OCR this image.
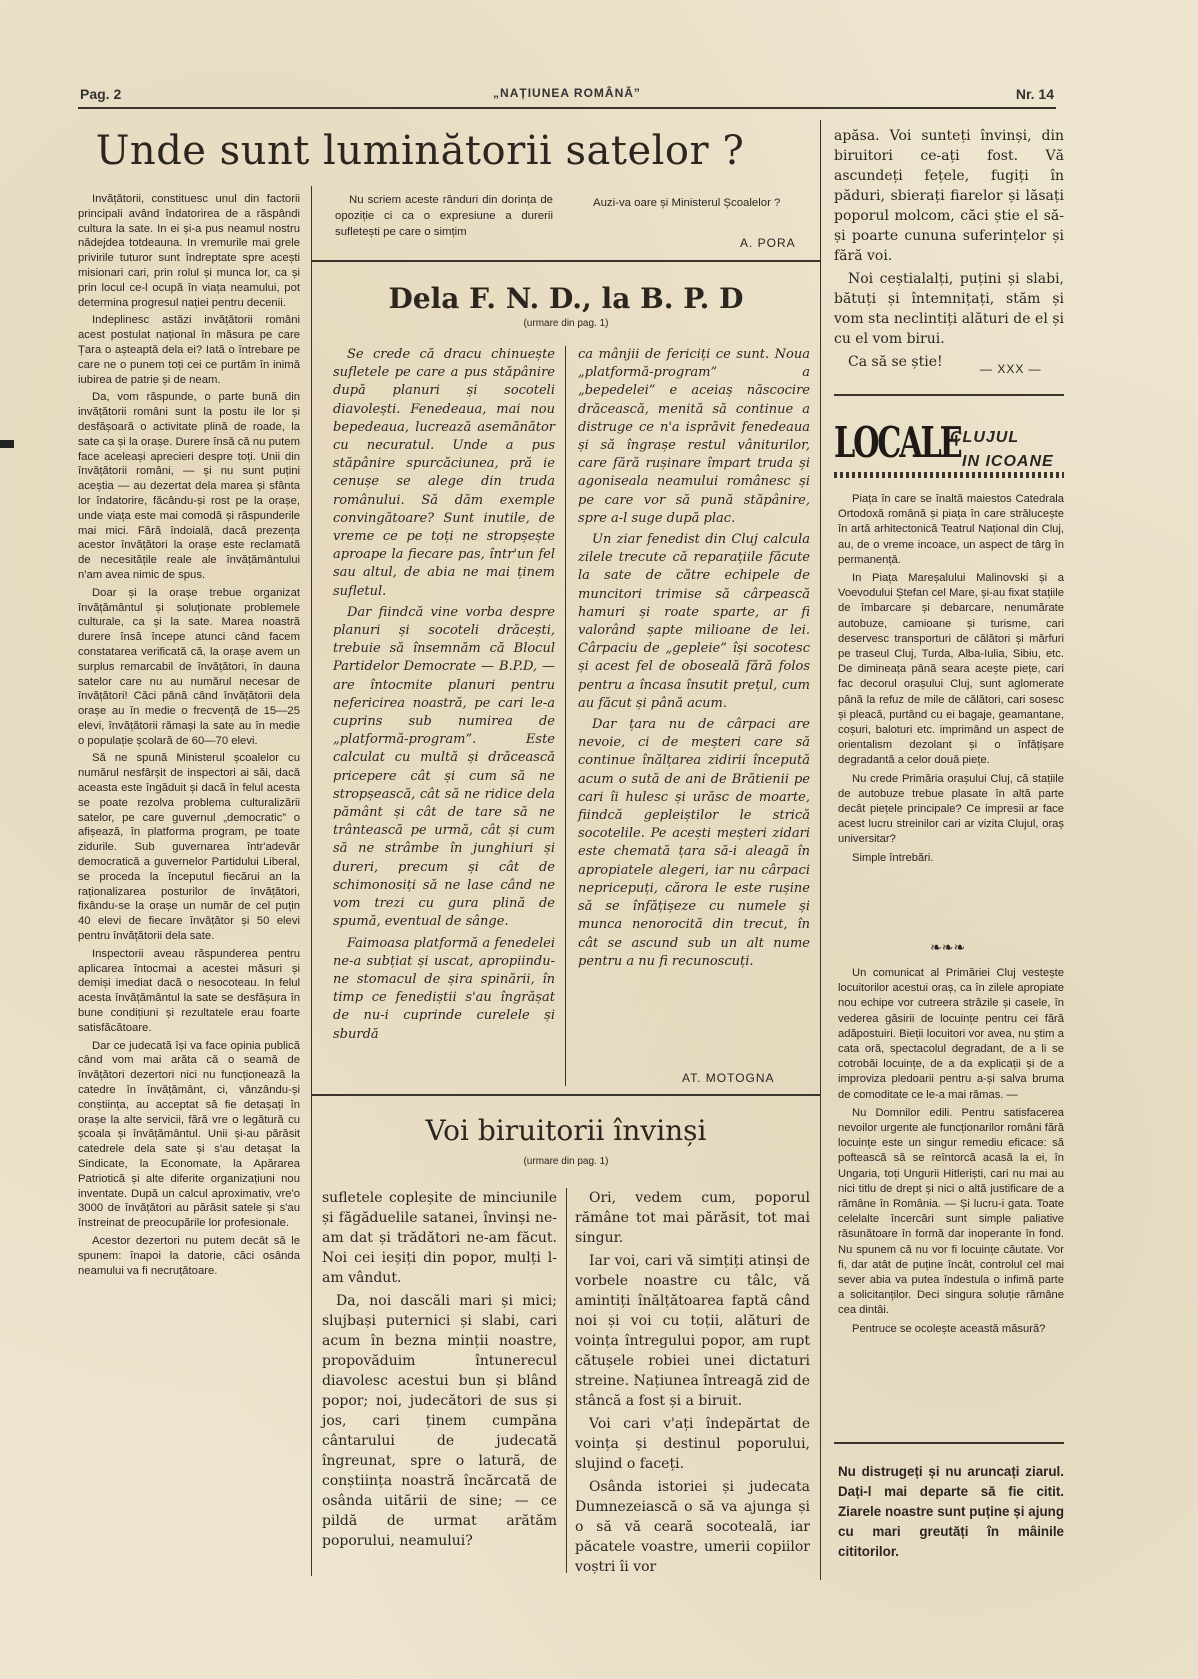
Pag. 2	„NAȚIUNEA ROMÂNĂ”	Nr. 14
Unde sunt luminătorii satelor ?

Invățătorii, constituesc unul din factorii principali având îndatorirea de a răspândi cultura la sate. In ei și-a pus neamul nostru nădejdea totdeauna. In vremurile mai grele privirile tuturor sunt îndreptate spre acești misionari cari, prin rolul și munca lor, ca și prin locul ce-l ocupă în viața neamului, pot determina progresul nației pentru decenii.

Indeplinesc astăzi invățătorii români acest postulat național în măsura pe care Țara o așteaptă dela ei? Iată o întrebare pe care ne o punem toți cei ce purtăm în inimă iubirea de patrie și de neam.

Da, vom răspunde, o parte bună din invățătorii români sunt la postu ile lor și desfășoară o activitate plină de roade, la sate ca și la orașe. Durere însă că nu putem face aceleași aprecieri despre toți. Unii din învățătorii români, — și nu sunt puțini aceștia — au dezertat dela marea și sfânta lor îndatorire, făcându-și rost pe la orașe, unde viața este mai comodă și răspunderile mai mici. Fără îndoială, dacă prezența acestor învățători la orașe este reclamată de necesitățile reale ale învățământului n'am avea nimic de spus.

Doar și la orașe trebue organizat învățământul și soluționate problemele culturale, ca și la sate. Marea noastră durere însă începe atunci când facem constatarea verificată că, la orașe avem un surplus remarcabil de învățători, în dauna satelor care nu au numărul necesar de învățători! Căci până când învățătorii dela orașe au în medie o frecvență de 15—25 elevi, învățătorii rămași la sate au în medie o populație școlară de 60—70 elevi.

Să ne spună Ministerul școalelor cu numărul nesfârșit de inspectori ai săi, dacă aceasta este îngăduit și dacă în felul acesta se poate rezolva problema culturalizării satelor, pe care guvernul „democratic” o afișează, în platforma program, pe toate zidurile. Sub guvernarea într'adevăr democratică a guvernelor Partidului Liberal, se proceda la începutul fiecărui an la raționalizarea posturilor de învățători, fixându-se la orașe un număr de cel puțin 40 elevi de fiecare învățător și 50 elevi pentru învățătorii dela sate.

Inspectorii aveau răspunderea pentru aplicarea întocmai a acestei măsuri și demiși imediat dacă o nesocoteau. In felul acesta învățământul la sate se desfășura în bune condițiuni și rezultatele erau foarte satisfăcătoare.

Dar ce judecată își va face opinia publică când vom mai arăta că o seamă de învățători dezertori nici nu funcționează la catedre în învățământ, ci, vânzându-și conștiința, au acceptat să fie detașați în orașe la alte servicii, fără vre o legătură cu școala și învățământul. Unii și-au părăsit catedrele dela sate și s'au detașat la Sindicate, la Economate, la Apărarea Patriotică și alte diferite organizațiuni nou inventate. După un calcul aproximativ, vre'o 3000 de învățători au părăsit satele și s'au înstreinat de preocupările lor profesionale.

Acestor dezertori nu putem decât să le spunem: înapoi la datorie, căci osânda neamului va fi necruțătoare.

Nu scriem aceste rânduri din dorința de opoziție ci ca o expresiune a durerii sufletești pe care o simțim

Auzi-va oare și Ministerul Școalelor ?

A. PORA
Dela F. N. D., la B. P. D
(urmare din pag. 1)

Se crede că dracu chinuește sufletele pe care a pus stăpânire după planuri și socoteli diavolești. Fenedeaua, mai nou bepedeaua, lucrează asemănător cu necuratul. Unde a pus stăpânire spurcăciunea, pră ie cenușe se alege din truda românului. Să dăm exemple convingătoare? Sunt inutile, de vreme ce pe toți ne stropșește aproape la fiecare pas, într'un fel sau altul, de abia ne mai ținem sufletul.

Dar fiindcă vine vorba despre planuri și socoteli drăcești, trebuie să însemnăm că Blocul Partidelor Democrate — B.P.D, — are întocmite planuri pentru nefericirea noastră, pe cari le-a cuprins sub numirea de „platformă-program”. Este calculat cu multă și drăcească pricepere cât și cum să ne stropșească, cât să ne ridice dela pământ și cât de tare să ne trântească pe urmă, cât și cum să ne strâmbe în junghiuri și dureri, precum și cât de schimonosiți să ne lase când ne vom trezi cu gura plină de spumă, eventual de sânge.

Faimoasa platformă a fenedelei ne-a subțiat și uscat, apropiindu-ne stomacul de șira spinării, în timp ce fenediștii s'au îngrășat de nu-i cuprinde curelele și sburdă

ca mânjii de fericiți ce sunt. Noua „platformă-program” a „bepedelei” e aceiaș născocire drăcească, menită să continue a distruge ce n'a isprăvit fenedeaua și să îngrașe restul vâniturilor, care fără rușinare împart truda și agoniseala neamului românesc și pe care vor să pună stăpânire, spre a-l suge după plac.

Un ziar fenedist din Cluj calcula zilele trecute că reparațiile făcute la sate de către echipele de muncitori trimise să cârpească hamuri și roate sparte, ar fi valorând șapte milioane de lei. Cârpaciu de „gepleie” își socotesc și acest fel de oboseală fără folos pentru a încasa însutit prețul, cum au făcut și până acum.

Dar țara nu de cârpaci are nevoie, ci de meșteri care să continue înălțarea zidirii începută acum o sută de ani de Brătienii pe cari îi hulesc și urăsc de moarte, fiindcă gepleiștilor le strică socotelile. Pe acești meșteri zidari este chemată țara să-i aleagă în apropiatele alegeri, iar nu cârpaci nepricepuți, cărora le este rușine să se înfățișeze cu numele și munca nenorocită din trecut, în cât se ascund sub un alt nume pentru a nu fi recunoscuți.

AT. MOTOGNA
Voi biruitorii învinși
(urmare din pag. 1)

sufletele copleșite de minciunile și făgăduelile satanei, învinși ne-am dat și trădători ne-am făcut. Noi cei ieșiți din popor, mulți l-am vândut.

Da, noi dascăli mari și mici; slujbași puternici și slabi, cari acum în bezna minții noastre, propovăduim întunerecul diavolesc acestui bun și blând popor; noi, judecători de sus și jos, cari ținem cumpăna cântarului de judecată îngreunat, spre o latură, de conștiința noastră încărcată de osânda uitării de sine; — ce pildă de urmat arătăm poporului, neamului?

Ori, vedem cum, poporul rămâne tot mai părăsit, tot mai singur.

Iar voi, cari vă simțiți atinși de vorbele noastre cu tâlc, vă amintiți înălțătoarea faptă când noi și voi cu toții, alături de voința întregului popor, am rupt cătușele robiei unei dictaturi streine. Națiunea întreagă zid de stâncă a fost și a biruit.

Voi cari v'ați îndepărtat de voința și destinul poporului, slujind o faceți.

Osânda istoriei și judecata Dumnezeiască o să va ajunga și o să vă ceară socoteală, iar păcatele voastre, umerii copiilor voștri îi vor

apăsa. Voi sunteți învinși, din biruitori ce-ați fost. Vă ascundeți fețele, fugiți în păduri, sbierați fiarelor și lăsați poporul molcom, căci știe el să-și poarte cununa suferințelor și fără voi.

Noi ceștialalți, puțini și slabi, bătuți și întemnițați, stăm și vom sta neclintiți alături de el și cu el vom birui.

Ca să se știe!	— XXX —
LOCALE
CLUJUL
IN ICOANE

Piața în care se înaltă maiestos Catedrala Ortodoxă română și piața în care strălucește în artă arhitectonică Teatrul Național din Cluj, au, de o vreme incoace, un aspect de târg în permanență.

In Piața Mareșalului Malinovski și a Voevodului Ștefan cel Mare, și-au fixat stațiile de îmbarcare și debarcare, nenumărate autobuze, camioane și turisme, cari deservesc transporturi de călători și mărfuri pe traseul Cluj, Turda, Alba-Iulia, Sibiu, etc. De dimineața până seara acește piețe, cari fac decorul orașului Cluj, sunt aglomerate până la refuz de mile de călători, cari sosesc și pleacă, purtând cu ei bagaje, geamantane, coșuri, baloturi etc. imprimând un aspect de orientalism dezolant și o înfățișare degradantă a celor două piețe.

Nu crede Primăria orașului Cluj, că stațiile de autobuze trebue plasate în altă parte decât piețele principale? Ce impresii ar face acest lucru streinilor cari ar vizita Clujul, oraș universitar?

Simple întrebări.

❧❧❧

Un comunicat al Primăriei Cluj vestește locuitorilor acestui oraș, ca în zilele apropiate nou echipe vor cutreera străzile și casele, în vederea găsirii de locuințe pentru cei fără adăpostuiri. Bieții locuitori vor avea, nu știm a cata oră, spectacolul degradant, de a li se cotrobăi locuințe, de a da explicații și de a improviza pledoarii pentru a-și salva bruma de comoditate ce le-a mai rămas. —

Nu Domnilor edili. Pentru satisfacerea nevoilor urgente ale funcționarilor români fără locuințe este un singur remediu eficace: să poftească să se reîntorcă acasă la ei, în Ungaria, toți Ungurii Hitleriști, cari nu mai au nici titlu de drept și nici o altă justificare de a rămâne în România. — Și lucru-i gata. Toate celelalte încercări sunt simple paliative răsunătoare în formă dar inoperante în fond. Nu spunem că nu vor fi locuințe căutate. Vor fi, dar atât de puține încât, controlul cel mai sever abia va putea îndestula o infimă parte a solicitanților. Deci singura soluție rămâne cea dintâi.

Pentruce se ocolește această măsură?

Nu distrugeți și nu aruncați ziarul. Dați-l mai departe să fie citit. Ziarele noastre sunt puține și ajung cu mari greutăți în mâinile cititorilor.
